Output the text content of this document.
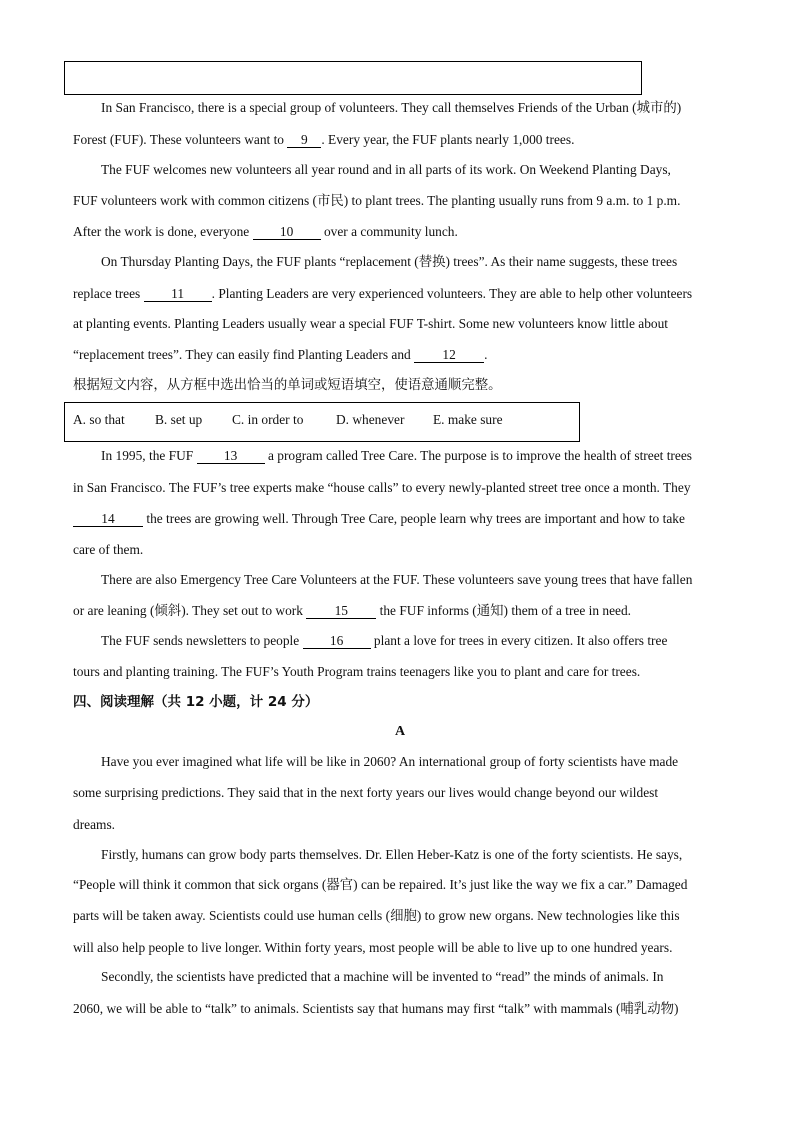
In San Francisco, there is a special group of volunteers. They call themselves Friends of the Urban (城市的)
Forest (FUF). These volunteers want to 9 . Every year, the FUF plants nearly 1,000 trees.
The FUF welcomes new volunteers all year round and in all parts of its work. On Weekend Planting Days,
FUF volunteers work with common citizens (市民) to plant trees. The planting usually runs from 9 a.m. to 1 p.m.
After the work is done, everyone 10 over a community lunch.
On Thursday Planting Days, the FUF plants “replacement (替换) trees”. As their name suggests, these trees
replace trees 11 . Planting Leaders are very experienced volunteers. They are able to help other volunteers
at planting events. Planting Leaders usually wear a special FUF T-shirt. Some new volunteers know little about
“replacement trees”. They can easily find Planting Leaders and 12 .
根据短文内容，从方框中选出恰当的单词或短语填空，使语意通顺完整。
A. so that B. set up C. in order to D. whenever E. make sure
In 1995, the FUF 13 a program called Tree Care. The purpose is to improve the health of street trees
in San Francisco. The FUF’s tree experts make “house calls” to every newly-planted street tree once a month. They
14 the trees are growing well. Through Tree Care, people learn why trees are important and how to take
care of them.
There are also Emergency Tree Care Volunteers at the FUF. These volunteers save young trees that have fallen
or are leaning (倾斜). They set out to work 15 the FUF informs (通知) them of a tree in need.
The FUF sends newsletters to people 16 plant a love for trees in every citizen. It also offers tree
tours and planting training. The FUF’s Youth Program trains teenagers like you to plant and care for trees.
四、阅读理解（共 12 小题，计 24 分）
A
Have you ever imagined what life will be like in 2060? An international group of forty scientists have made
some surprising predictions. They said that in the next forty years our lives would change beyond our wildest
dreams.
Firstly, humans can grow body parts themselves. Dr. Ellen Heber-Katz is one of the forty scientists. He says,
“People will think it common that sick organs (器官) can be repaired. It’s just like the way we fix a car.” Damaged
parts will be taken away. Scientists could use human cells (细胞) to grow new organs. New technologies like this
will also help people to live longer. Within forty years, most people will be able to live up to one hundred years.
Secondly, the scientists have predicted that a machine will be invented to “read” the minds of animals. In
2060, we will be able to “talk” to animals. Scientists say that humans may first “talk” with mammals (哺乳动物)
